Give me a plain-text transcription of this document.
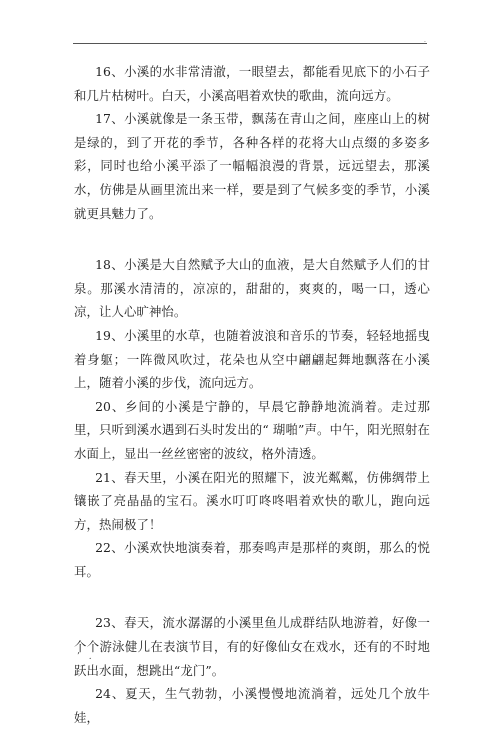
.

16、小溪的水非常清澈，一眼望去，都能看见底下的小石子和几片枯树叶。白天，小溪高唱着欢快的歌曲，流向远方。

17、小溪就像是一条玉带，飘荡在青山之间，座座山上的树是绿的，到了开花的季节，各种各样的花将大山点缀的多姿多彩，同时也给小溪平添了一幅幅浪漫的背景，远远望去，那溪水，仿佛是从画里流出来一样，要是到了气候多变的季节，小溪就更具魅力了。

18、小溪是大自然赋予大山的血液，是大自然赋予人们的甘泉。那溪水清清的，凉凉的，甜甜的，爽爽的，喝一口，透心凉，让人心旷神怡。

19、小溪里的水草，也随着波浪和音乐的节奏，轻轻地摇曳着身躯；一阵微风吹过，花朵也从空中翩翩起舞地飘落在小溪上，随着小溪的步伐，流向远方。

20、乡间的小溪是宁静的，早晨它静静地流淌着。走过那里，只听到溪水遇到石头时发出的“ 瑚啪”声。中午，阳光照射在水面上，显出一丝丝密密的波纹，格外清透。

21、春天里，小溪在阳光的照耀下，波光粼粼，仿佛绸带上镶嵌了亮晶晶的宝石。溪水叮叮咚咚唱着欢快的歌儿，跑向远方，热闹极了！

22、小溪欢快地演奏着，那奏鸣声是那样的爽朗，那么的悦耳。

23、春天，流水潺潺的小溪里鱼儿成群结队地游着，好像一个个游泳健儿在表演节目，有的好像仙女在戏水，还有的不时地跃出水面，想跳出“龙门”。

24、夏天，生气勃勃，小溪慢慢地流淌着，远处几个放牛娃，

’ .
